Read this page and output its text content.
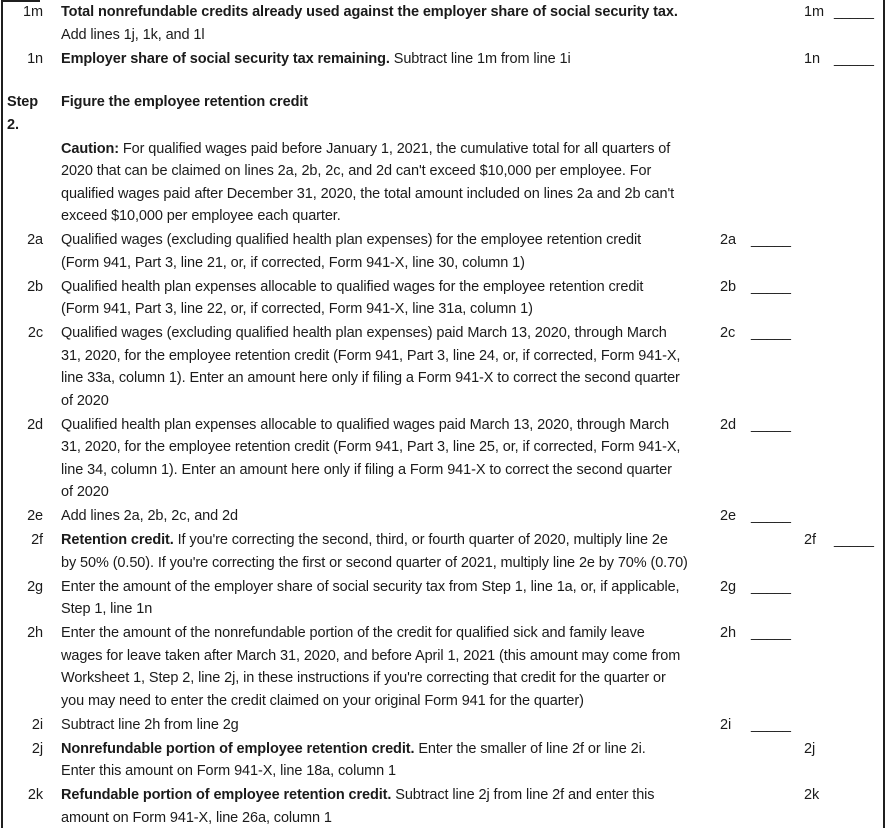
1m	Total nonrefundable credits already used against the employer share of social security tax.
Add lines 1j, 1k, and 1l
1m _____
1n	Employer share of social security tax remaining. Subtract line 1m from line 1i	1n _____
Step
2.
Figure the employee retention credit
Caution: For qualified wages paid before January 1, 2021, the cumulative total for all quarters of
2020 that can be claimed on lines 2a, 2b, 2c, and 2d can't exceed $10,000 per employee. For
qualified wages paid after December 31, 2020, the total amount included on lines 2a and 2b can't
exceed $10,000 per employee each quarter.
2a	Qualified wages (excluding qualified health plan expenses) for the employee retention credit
(Form 941, Part 3, line 21, or, if corrected, Form 941-X, line 30, column 1)
2a _____
2b	Qualified health plan expenses allocable to qualified wages for the employee retention credit
(Form 941, Part 3, line 22, or, if corrected, Form 941-X, line 31a, column 1)
2b _____
2c	Qualified wages (excluding qualified health plan expenses) paid March 13, 2020, through March
31, 2020, for the employee retention credit (Form 941, Part 3, line 24, or, if corrected, Form 941-X,
line 33a, column 1). Enter an amount here only if filing a Form 941-X to correct the second quarter
of 2020
2c _____
2d	Qualified health plan expenses allocable to qualified wages paid March 13, 2020, through March
31, 2020, for the employee retention credit (Form 941, Part 3, line 25, or, if corrected, Form 941-X,
line 34, column 1). Enter an amount here only if filing a Form 941-X to correct the second quarter
of 2020
2d _____
2e	Add lines 2a, 2b, 2c, and 2d	2e _____
2f	Retention credit. If you're correcting the second, third, or fourth quarter of 2020, multiply line 2e
by 50% (0.50). If you're correcting the first or second quarter of 2021, multiply line 2e by 70% (0.70)
2f _____
2g	Enter the amount of the employer share of social security tax from Step 1, line 1a, or, if applicable,
Step 1, line 1n
2g _____
2h	Enter the amount of the nonrefundable portion of the credit for qualified sick and family leave
wages for leave taken after March 31, 2020, and before April 1, 2021 (this amount may come from
Worksheet 1, Step 2, line 2j, in these instructions if you're correcting that credit for the quarter or
you may need to enter the credit claimed on your original Form 941 for the quarter)
2h _____
2i	Subtract line 2h from line 2g	2i _____
2j	Nonrefundable portion of employee retention credit. Enter the smaller of line 2f or line 2i.
Enter this amount on Form 941-X, line 18a, column 1
2j
2k	Refundable portion of employee retention credit. Subtract line 2j from line 2f and enter this
amount on Form 941-X, line 26a, column 1
2k
